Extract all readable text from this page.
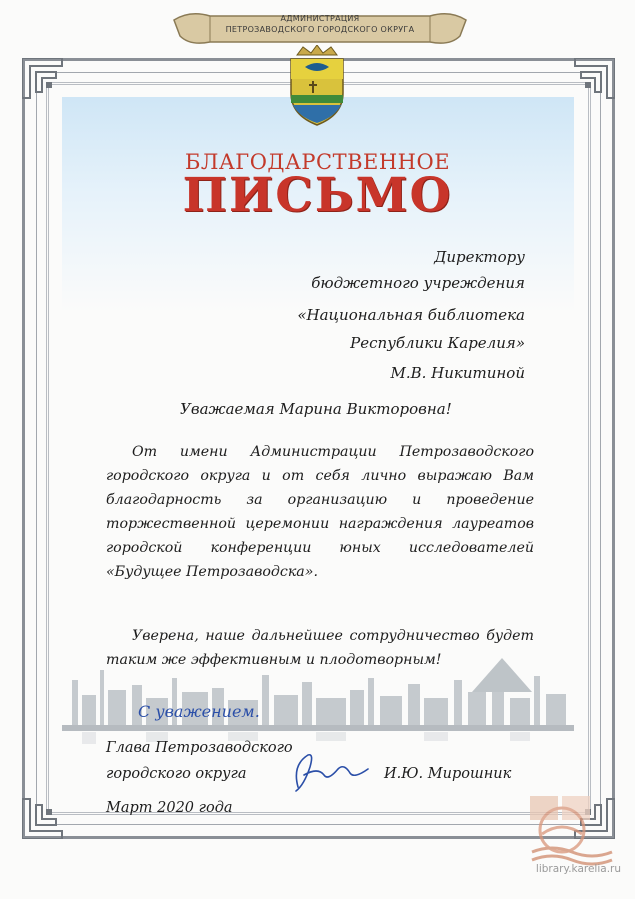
АДМИНИСТРАЦИЯ
ПЕТРОЗАВОДСКОГО ГОРОДСКОГО ОКРУГА
БЛАГОДАРСТВЕННОЕ
ПИСЬМО
Директору
бюджетного учреждения
«Национальная библиотека
Республики Карелия»
М.В. Никитиной
Уважаемая Марина Викторовна!
От имени Администрации Петрозаводского
городского округа и от себя лично выражаю Вам
благодарность за организацию и проведение
торжественной церемонии награждения лауреатов
городской конференции юных исследователей
«Будущее Петрозаводска».
Уверена, наше дальнейшее сотрудничество будет
таким же эффективным и плодотворным!
С уважением.
Глава Петрозаводского
городского округа	И.Ю. Мирошник
Март 2020 года
library.karelia.ru
